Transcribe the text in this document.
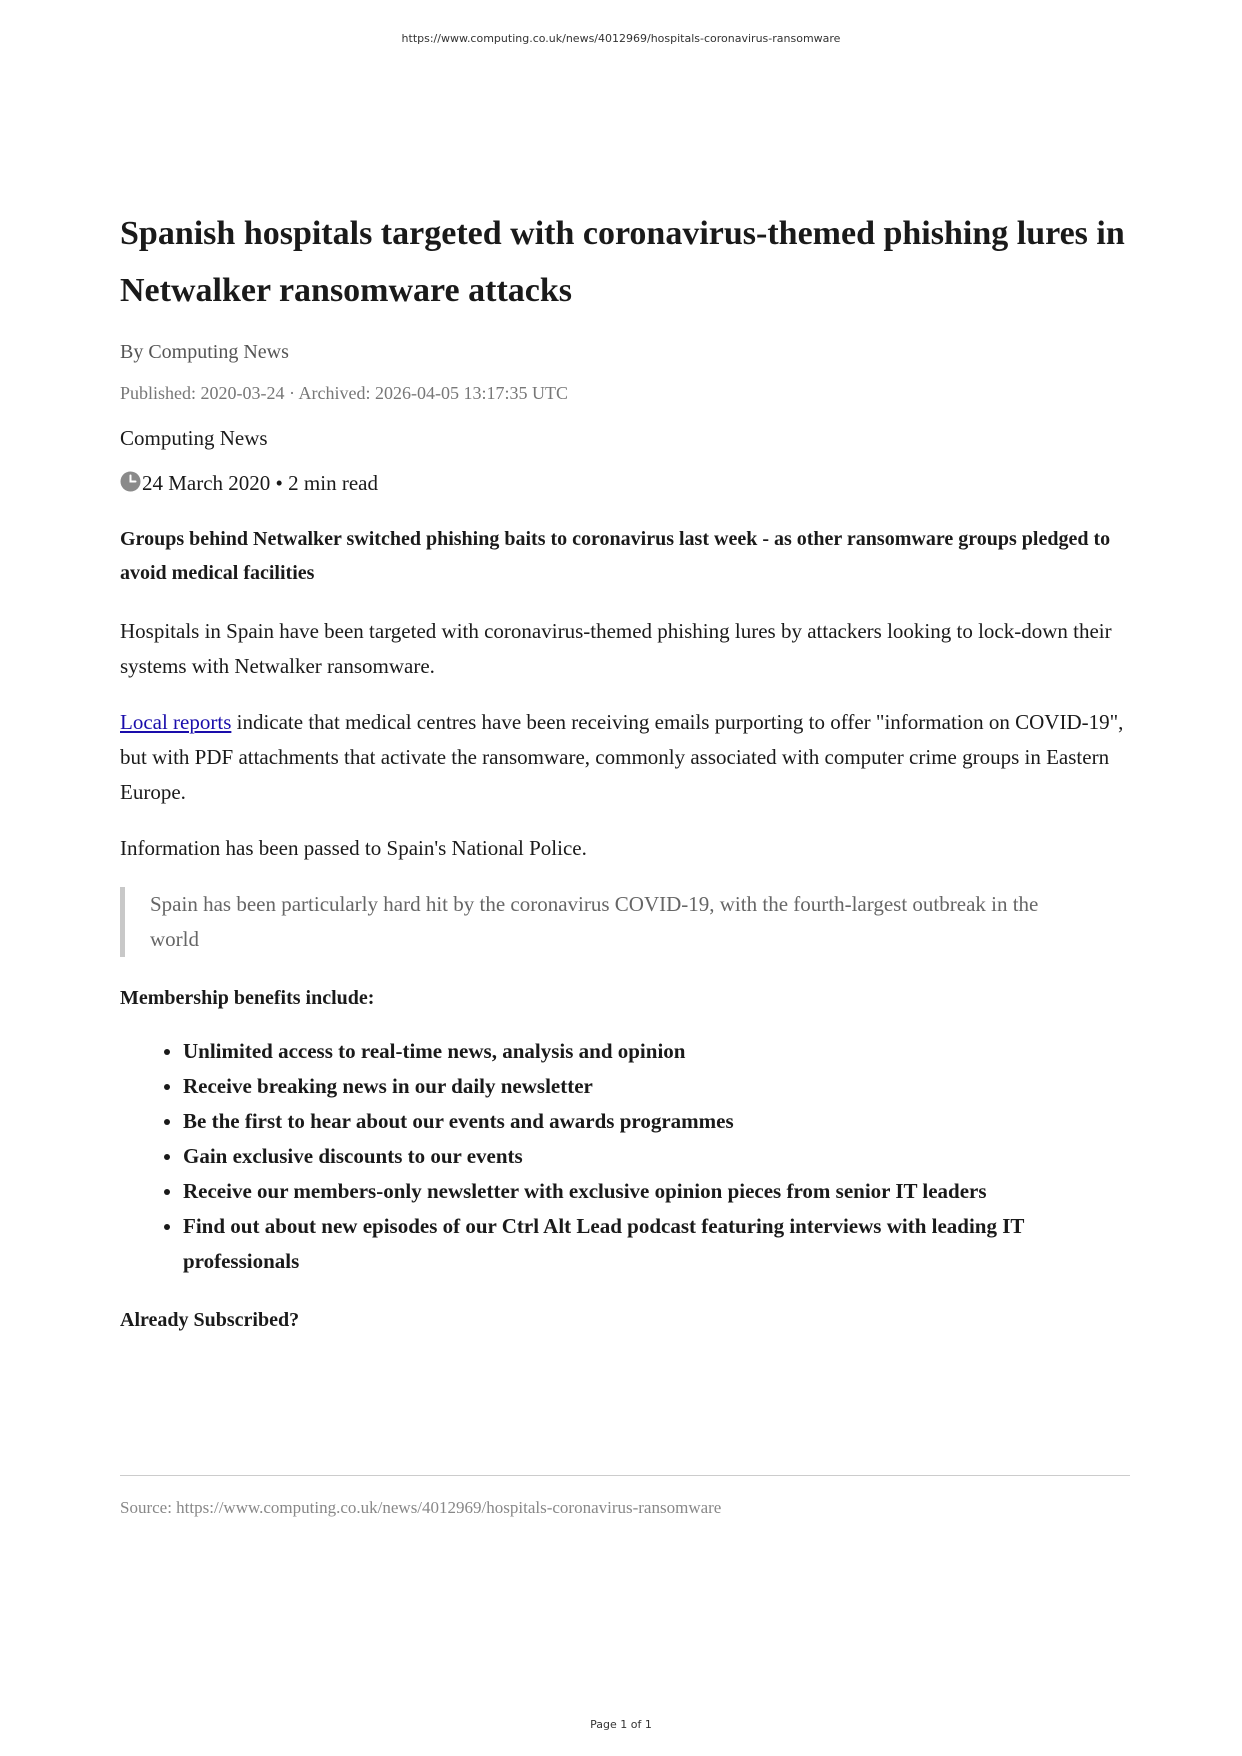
https://www.computing.co.uk/news/4012969/hospitals-coronavirus-ransomware
Spanish hospitals targeted with coronavirus-themed phishing lures in Netwalker ransomware attacks
By Computing News
Published: 2020-03-24 · Archived: 2026-04-05 13:17:35 UTC
Computing News
24 March 2020 • 2 min read
Groups behind Netwalker switched phishing baits to coronavirus last week - as other ransomware groups pledged to avoid medical facilities

Hospitals in Spain have been targeted with coronavirus-themed phishing lures by attackers looking to lock-down their systems with Netwalker ransomware.

Local reports indicate that medical centres have been receiving emails purporting to offer "information on COVID-19", but with PDF attachments that activate the ransomware, commonly associated with computer crime groups in Eastern Europe.

Information has been passed to Spain's National Police.

Spain has been particularly hard hit by the coronavirus COVID-19, with the fourth-largest outbreak in the world
Membership benefits include:
• Unlimited access to real-time news, analysis and opinion
• Receive breaking news in our daily newsletter
• Be the first to hear about our events and awards programmes
• Gain exclusive discounts to our events
• Receive our members-only newsletter with exclusive opinion pieces from senior IT leaders
• Find out about new episodes of our Ctrl Alt Lead podcast featuring interviews with leading IT professionals
Already Subscribed?
Source: https://www.computing.co.uk/news/4012969/hospitals-coronavirus-ransomware
Page 1 of 1
